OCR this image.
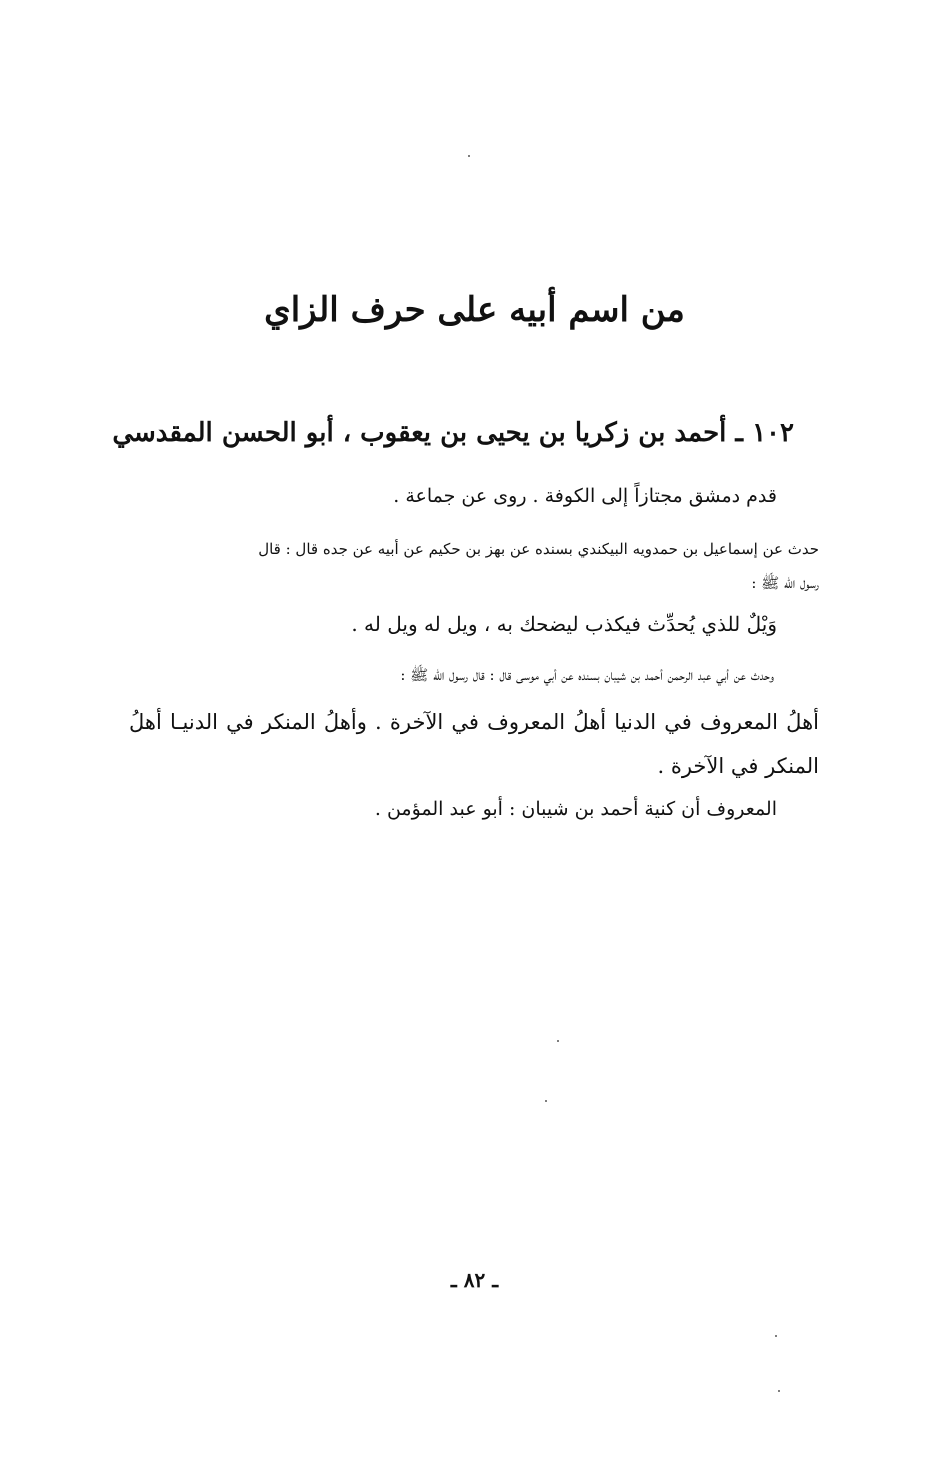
من اسم أبيه على حرف الزاي
١٠٢ ـ أحمد بن زكريا بن يحيى بن يعقوب ، أبو الحسن المقدسي
قدم دمشق مجتازاً إلى الكوفة . روى عن جماعة .
حدث عن إسماعيل بن حمدويه البيكندي بسنده عن بهز بن حكيم عن أبيه عن جده قال : قال
رسول الله ﷺ :
وَيْلٌ للذي يُحدِّث فيكذب ليضحك به ، ويل له ويل له .
وحدث عن أبي عبد الرحمن أحمد بن شيبان بسنده عن أبي موسى قال : قال رسول الله ﷺ :
أهلُ المعروف في الدنيا أهلُ المعروف في الآخرة . وأهلُ المنكر في الدنيـا أهلُ المنكر في الآخرة .
المعروف أن كنية أحمد بن شيبان : أبو عبد المؤمن .
ـ ٨٢ ـ
